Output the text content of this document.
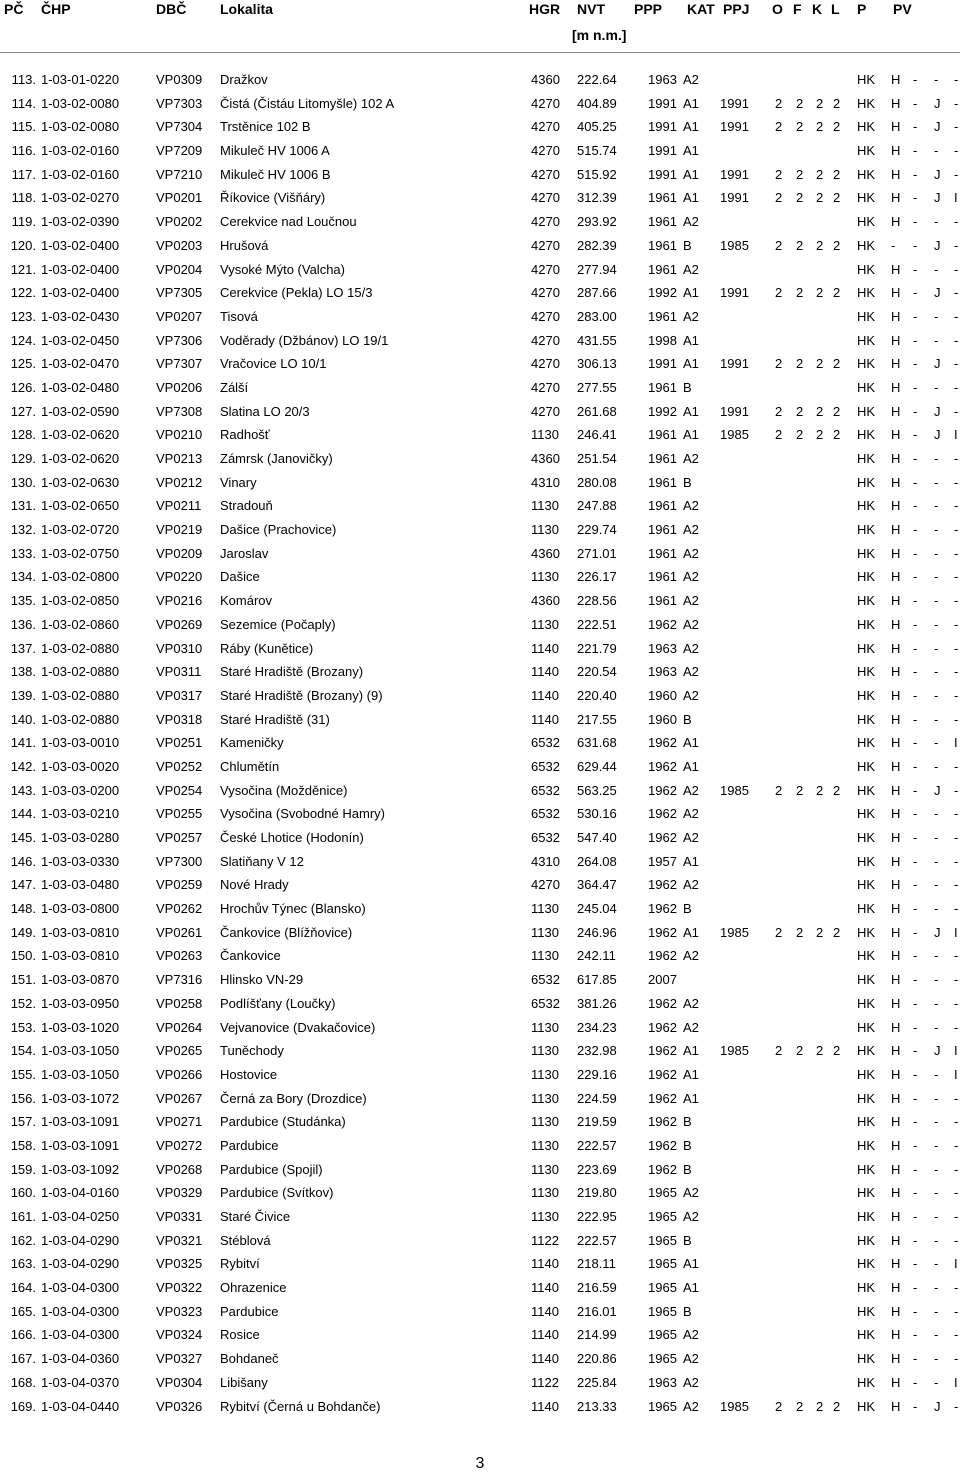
PČ ČHP	DBČ Lokalita	HGR NVT
[m n.m.]
PPP KAT PPJ O F K L P PV
113. 1-03-01-0220	VP0309 Dražkov	4360 222.64 1963 A2	HK H - - -
114. 1-03-02-0080	VP7303 Čistá (Čistáu Litomyšle) 102 A	4270 404.89 1991 A1 1991 2 2 2 2 HK H - J -
115. 1-03-02-0080	VP7304 Trstěnice 102 B	4270 405.25 1991 A1 1991 2 2 2 2 HK H - J -
116. 1-03-02-0160	VP7209 Mikuleč HV 1006 A	4270 515.74 1991 A1	HK H - - -
117. 1-03-02-0160	VP7210 Mikuleč HV 1006 B	4270 515.92 1991 A1 1991 2 2 2 2 HK H - J -
118. 1-03-02-0270	VP0201 Říkovice (Višňáry)	4270 312.39 1961 A1 1991 2 2 2 2 HK H - J I
119. 1-03-02-0390	VP0202 Cerekvice nad Loučnou	4270 293.92 1961 A2	HK H - - -
120. 1-03-02-0400	VP0203 Hrušová	4270 282.39 1961 B 1985 2 2 2 2 HK - - J -
121. 1-03-02-0400	VP0204 Vysoké Mýto (Valcha)	4270 277.94 1961 A2	HK H - - -
122. 1-03-02-0400	VP7305 Cerekvice (Pekla) LO 15/3	4270 287.66 1992 A1 1991 2 2 2 2 HK H - J -
123. 1-03-02-0430	VP0207 Tisová	4270 283.00 1961 A2	HK H - - -
124. 1-03-02-0450	VP7306 Voděrady (Džbánov) LO 19/1	4270 431.55 1998 A1	HK H - - -
125. 1-03-02-0470	VP7307 Vračovice LO 10/1	4270 306.13 1991 A1 1991 2 2 2 2 HK H - J -
126. 1-03-02-0480	VP0206 Zálší	4270 277.55 1961 B	HK H - - -
127. 1-03-02-0590	VP7308 Slatina LO 20/3	4270 261.68 1992 A1 1991 2 2 2 2 HK H - J -
128. 1-03-02-0620	VP0210 Radhošť	1130 246.41 1961 A1 1985 2 2 2 2 HK H - J I
129. 1-03-02-0620	VP0213 Zámrsk (Janovičky)	4360 251.54 1961 A2	HK H - - -
130. 1-03-02-0630	VP0212 Vinary	4310 280.08 1961 B	HK H - - -
131. 1-03-02-0650	VP0211 Stradouň	1130 247.88 1961 A2	HK H - - -
132. 1-03-02-0720	VP0219 Dašice (Prachovice)	1130 229.74 1961 A2	HK H - - -
133. 1-03-02-0750	VP0209 Jaroslav	4360 271.01 1961 A2	HK H - - -
134. 1-03-02-0800	VP0220 Dašice	1130 226.17 1961 A2	HK H - - -
135. 1-03-02-0850	VP0216 Komárov	4360 228.56 1961 A2	HK H - - -
136. 1-03-02-0860	VP0269 Sezemice (Počaply)	1130 222.51 1962 A2	HK H - - -
137. 1-03-02-0880	VP0310 Ráby (Kunětice)	1140 221.79 1963 A2	HK H - - -
138. 1-03-02-0880	VP0311 Staré Hradiště (Brozany)	1140 220.54 1963 A2	HK H - - -
139. 1-03-02-0880	VP0317 Staré Hradiště (Brozany) (9)	1140 220.40 1960 A2	HK H - - -
140. 1-03-02-0880	VP0318 Staré Hradiště (31)	1140 217.55 1960 B	HK H - - -
141. 1-03-03-0010	VP0251 Kameničky	6532 631.68 1962 A1	HK H - - I
142. 1-03-03-0020	VP0252 Chlumětín	6532 629.44 1962 A1	HK H - - -
143. 1-03-03-0200	VP0254 Vysočina (Možděnice)	6532 563.25 1962 A2 1985 2 2 2 2 HK H - J -
144. 1-03-03-0210	VP0255 Vysočina (Svobodné Hamry)	6532 530.16 1962 A2	HK H - - -
145. 1-03-03-0280	VP0257 České Lhotice (Hodonín)	6532 547.40 1962 A2	HK H - - -
146. 1-03-03-0330	VP7300 Slatiňany V 12	4310 264.08 1957 A1	HK H - - -
147. 1-03-03-0480	VP0259 Nové Hrady	4270 364.47 1962 A2	HK H - - -
148. 1-03-03-0800	VP0262 Hrochův Týnec (Blansko)	1130 245.04 1962 B	HK H - - -
149. 1-03-03-0810	VP0261 Čankovice (Blížňovice)	1130 246.96 1962 A1 1985 2 2 2 2 HK H - J I
150. 1-03-03-0810	VP0263 Čankovice	1130 242.11 1962 A2	HK H - - -
151. 1-03-03-0870	VP7316 Hlinsko VN-29	6532 617.85 2007	HK H - - -
152. 1-03-03-0950	VP0258 Podlíšťany (Loučky)	6532 381.26 1962 A2	HK H - - -
153. 1-03-03-1020	VP0264 Vejvanovice (Dvakačovice)	1130 234.23 1962 A2	HK H - - -
154. 1-03-03-1050	VP0265 Tuněchody	1130 232.98 1962 A1 1985 2 2 2 2 HK H - J I
155. 1-03-03-1050	VP0266 Hostovice	1130 229.16 1962 A1	HK H - - I
156. 1-03-03-1072	VP0267 Černá za Bory (Drozdice)	1130 224.59 1962 A1	HK H - - -
157. 1-03-03-1091	VP0271 Pardubice (Studánka)	1130 219.59 1962 B	HK H - - -
158. 1-03-03-1091	VP0272 Pardubice	1130 222.57 1962 B	HK H - - -
159. 1-03-03-1092	VP0268 Pardubice (Spojil)	1130 223.69 1962 B	HK H - - -
160. 1-03-04-0160	VP0329 Pardubice (Svítkov)	1130 219.80 1965 A2	HK H - - -
161. 1-03-04-0250	VP0331 Staré Čivice	1130 222.95 1965 A2	HK H - - -
162. 1-03-04-0290	VP0321 Stéblová	1122 222.57 1965 B	HK H - - -
163. 1-03-04-0290	VP0325 Rybitví	1140 218.11 1965 A1	HK H - - I
164. 1-03-04-0300	VP0322 Ohrazenice	1140 216.59 1965 A1	HK H - - -
165. 1-03-04-0300	VP0323 Pardubice	1140 216.01 1965 B	HK H - - -
166. 1-03-04-0300	VP0324 Rosice	1140 214.99 1965 A2	HK H - - -
167. 1-03-04-0360	VP0327 Bohdaneč	1140 220.86 1965 A2	HK H - - -
168. 1-03-04-0370	VP0304 Libišany	1122 225.84 1963 A2	HK H - - I
169. 1-03-04-0440	VP0326 Rybitví (Černá u Bohdanče)	1140 213.33 1965 A2 1985 2 2 2 2 HK H - J -
3
